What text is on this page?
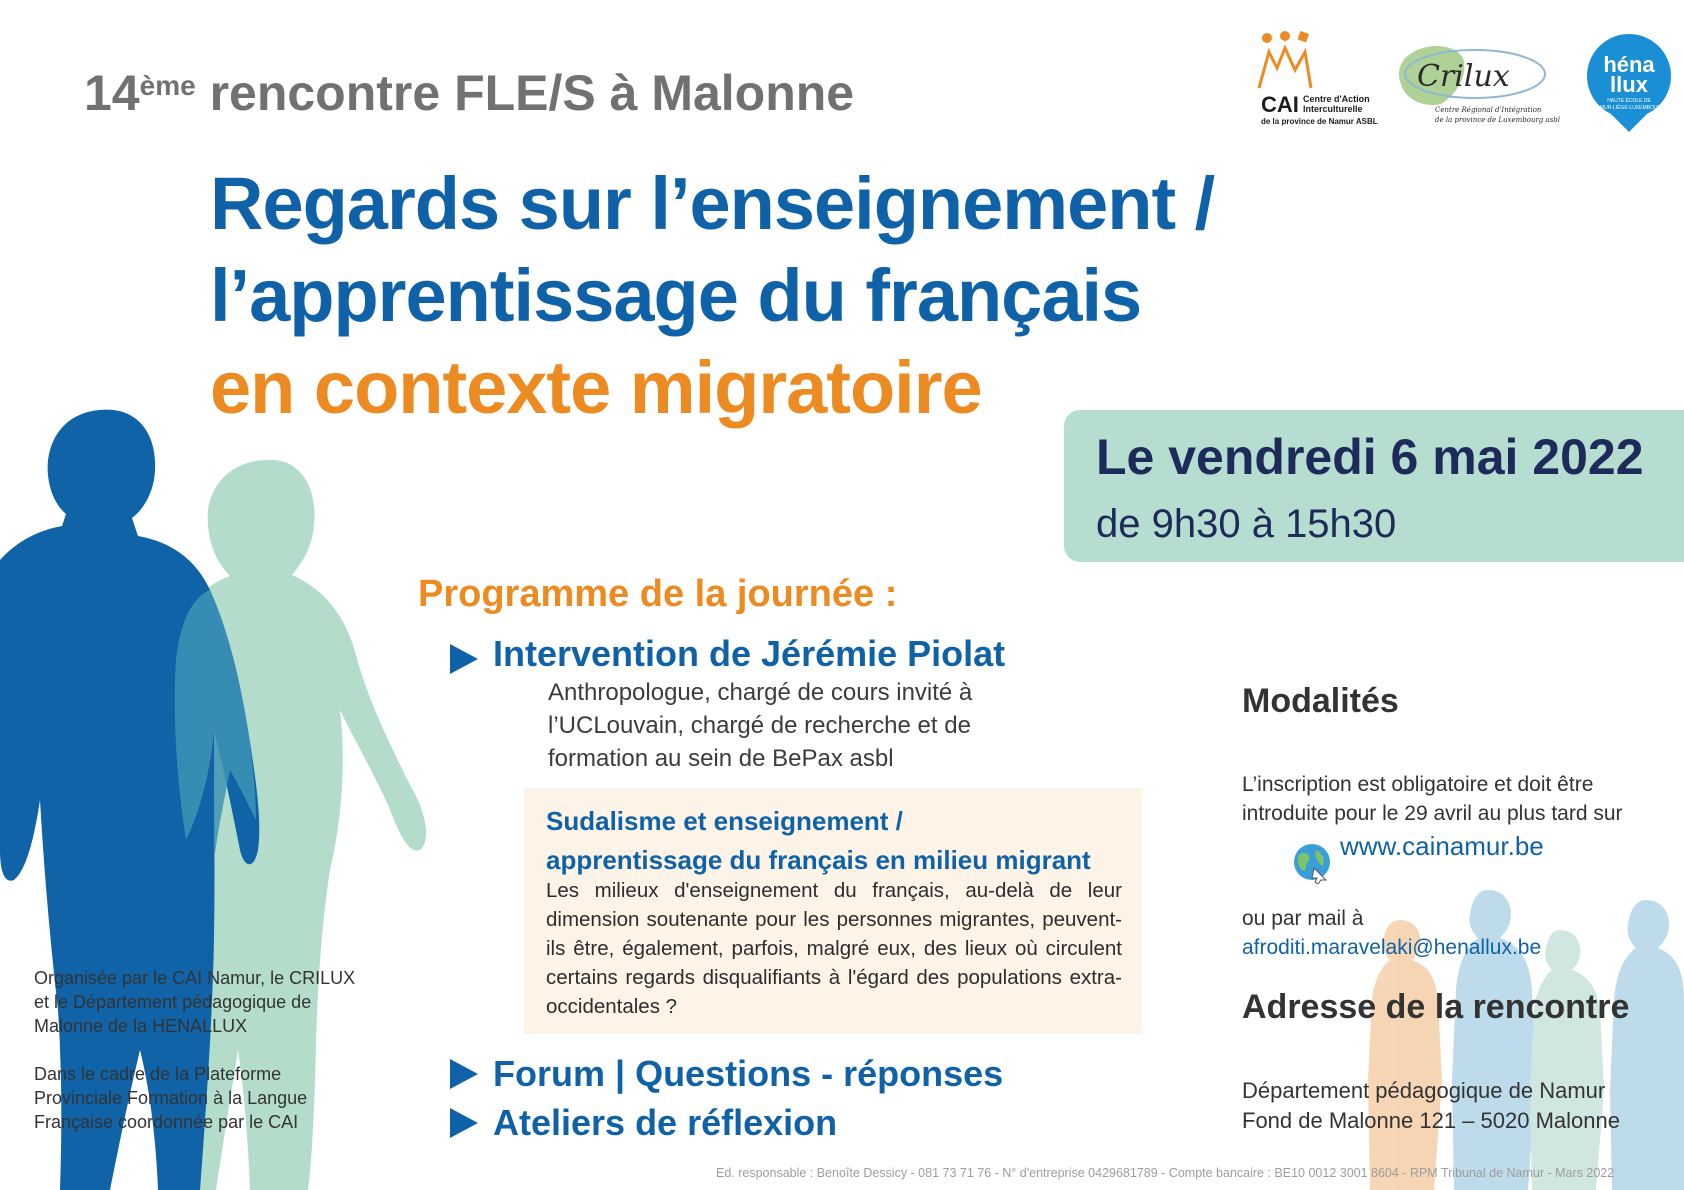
14ème rencontre FLE/S à Malonne
Regards sur l’enseignement /
l’apprentissage du français
en contexte migratoire
CAI Centre d'Action
Interculturelle
de la province de Namur ASBL
Crilux
Centre Régional d'Intégration
de la province de Luxembourg asbl
héna
llux
HAUTE ÉCOLE DE
NAMUR-LIÈGE-LUXEMBOURG
Le vendredi 6 mai 2022
de 9h30 à 15h30
Programme de la journée :
Intervention de Jérémie Piolat
Anthropologue, chargé de cours invité à
l’UCLouvain, chargé de recherche et de
formation au sein de BePax asbl
Sudalisme et enseignement /
apprentissage du français en milieu migrant
Les milieux d'enseignement du français, au-delà de leur dimension soutenante pour les personnes migrantes, peuvent-ils être, également, parfois, malgré eux, des lieux où circulent certains regards disqualifiants à l'égard des populations extra-occidentales ?
Forum | Questions - réponses
Ateliers de réflexion

Organisée par le CAI Namur, le CRILUX et le Département pédagogique de Malonne de la HENALLUX

Dans le cadre de la Plateforme Provinciale Formation à la Langue Française coordonnée par le CAI

Modalités
L’inscription est obligatoire et doit être
introduite pour le 29 avril au plus tard sur
www.cainamur.be
ou par mail à
afroditi.maravelaki@henallux.be
Adresse de la rencontre
Département pédagogique de Namur
Fond de Malonne 121 – 5020 Malonne
Ed. responsable : Benoîte Dessicy - 081 73 71 76 - N° d'entreprise 0429681789 - Compte bancaire : BE10 0012 3001 8604 - RPM Tribunal de Namur - Mars 2022
